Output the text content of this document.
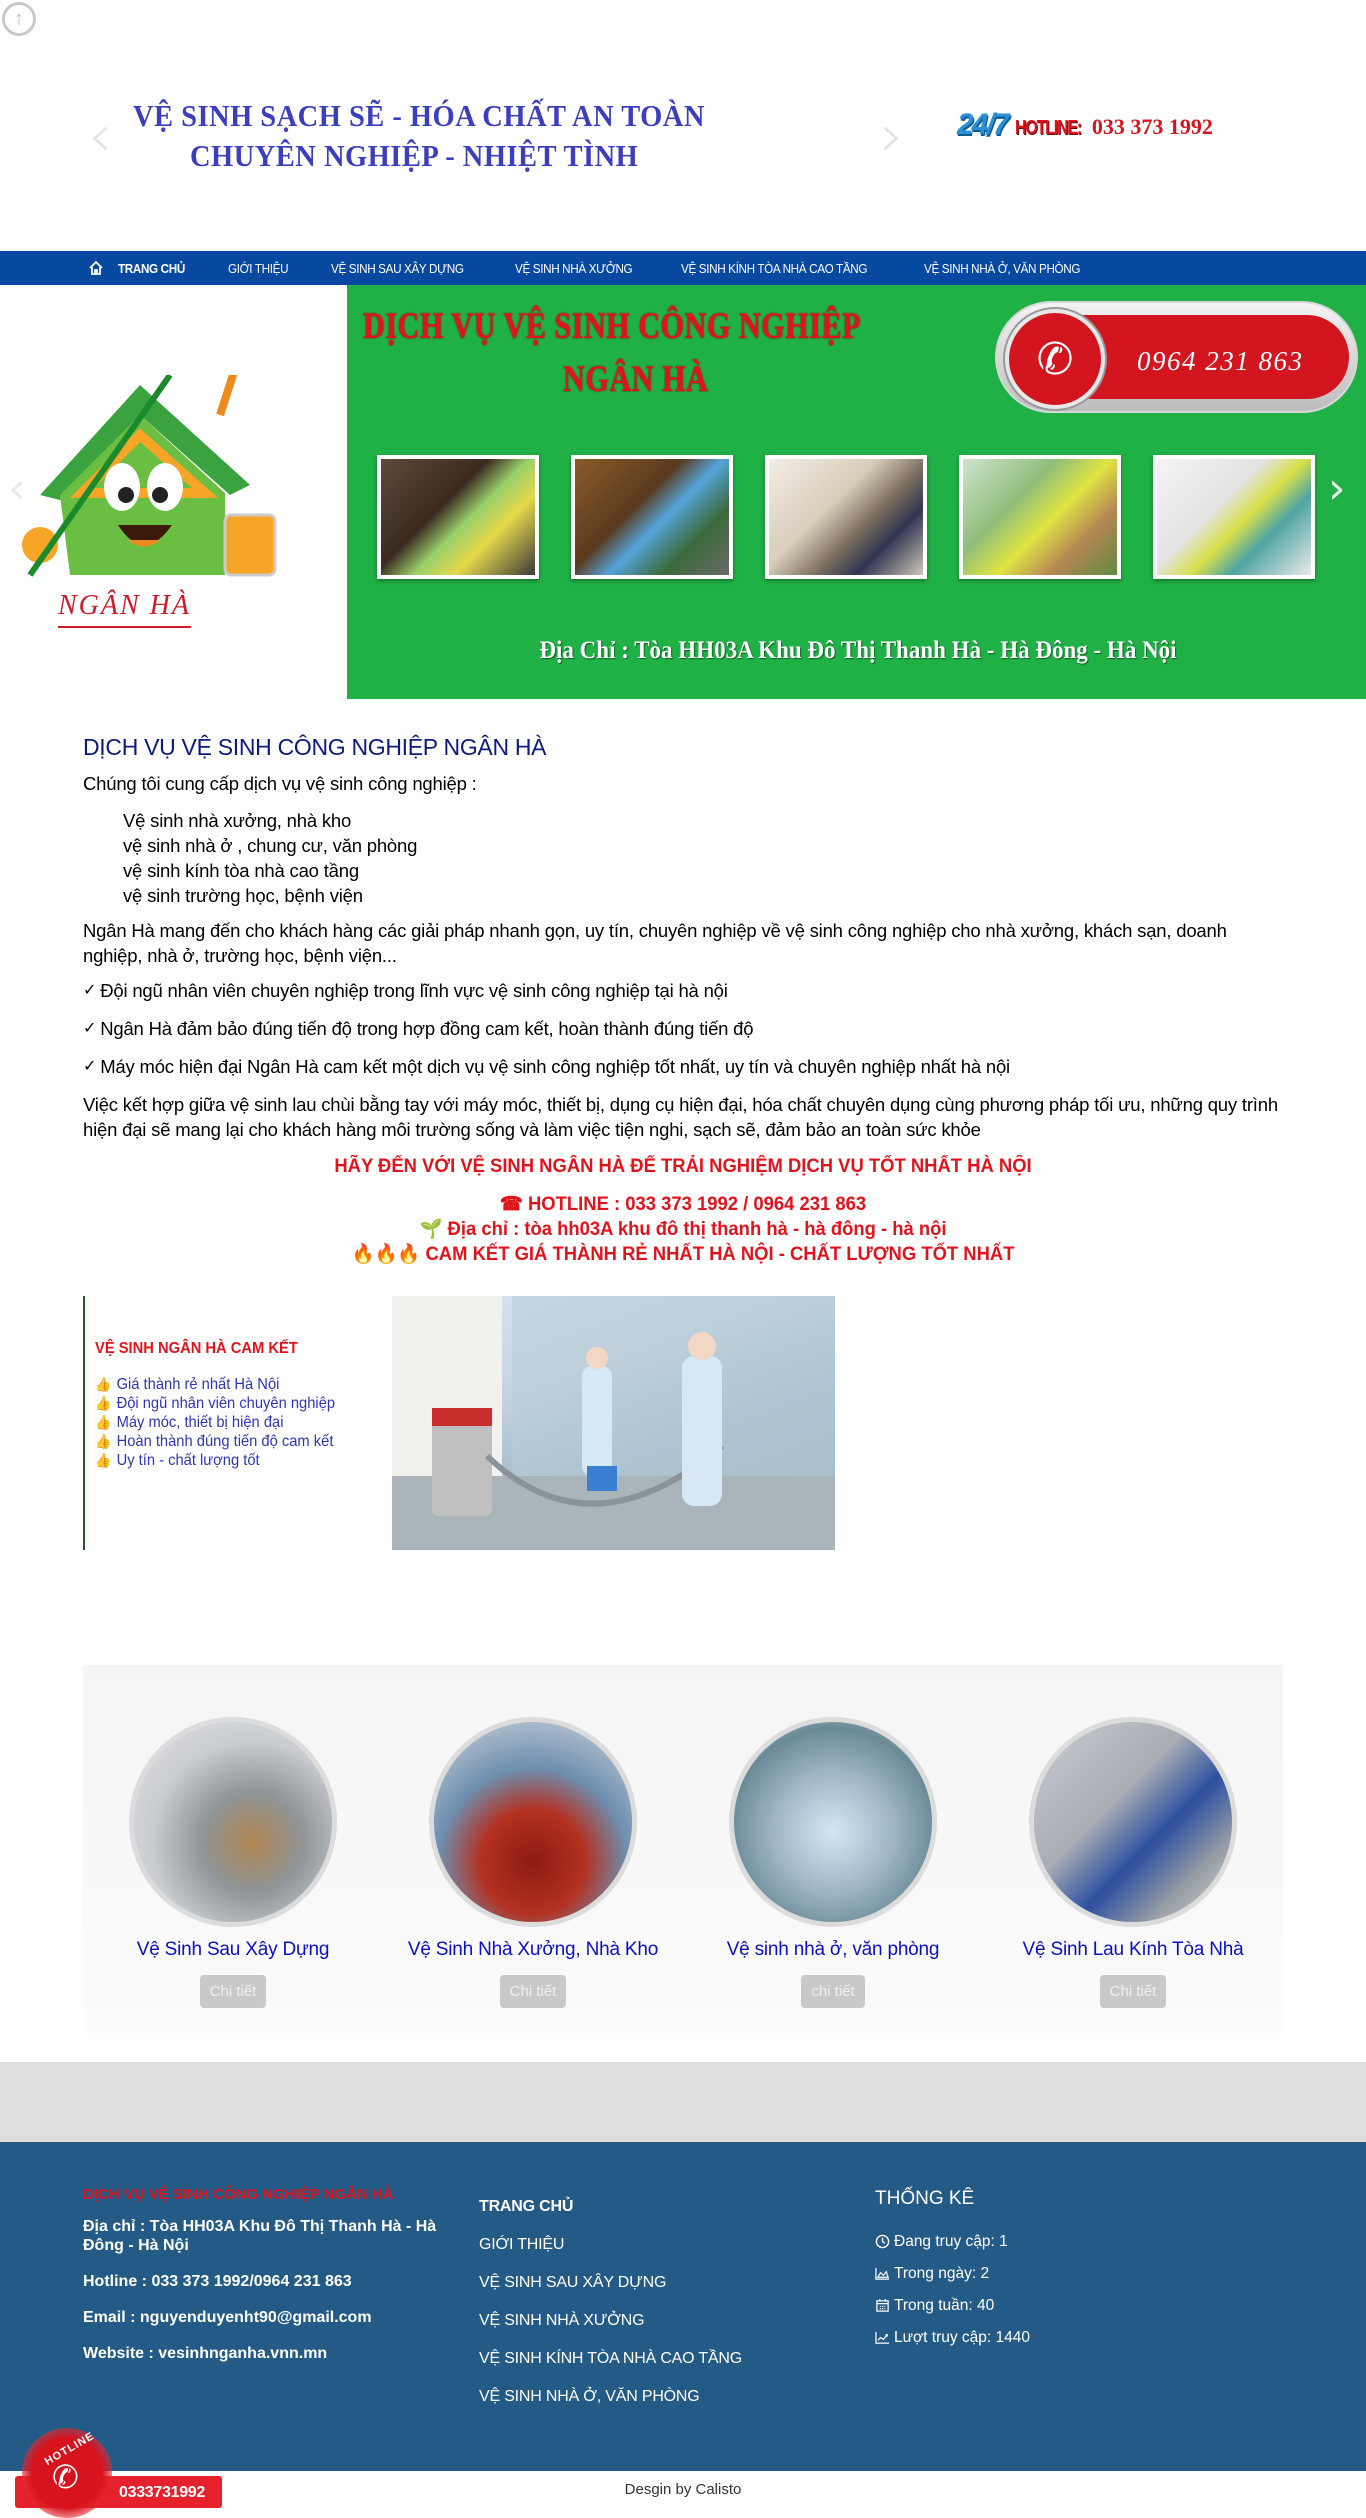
↑
‹ VỆ SINH SẠCH SẼ - HÓA CHẤT AN TOÀN
CHUYÊN NGHIỆP - NHIỆT TÌNH	› 24/7 HOTLINE: 033 373 1992
TRANG CHỦ	GIỚI THIỆU	VỆ SINH SAU XÂY DỰNG	VỆ SINH NHÀ XƯỞNG	VỆ SINH KÍNH TÒA NHÀ CAO TẦNG	VỆ SINH NHÀ Ở, VĂN PHÒNG
NGÂN HÀ
‹
DỊCH VỤ VỆ SINH CÔNG NGHIỆP
NGÂN HÀ	✆	0964 231 863
Địa Chỉ : Tòa HH03A Khu Đô Thị Thanh Hà - Hà Đông - Hà Nội
›
DỊCH VỤ VỆ SINH CÔNG NGHIỆP NGÂN HÀ

Chúng tôi cung cấp dịch vụ vệ sinh công nghiệp :

Vệ sinh nhà xưởng, nhà kho
vệ sinh nhà ở , chung cư, văn phòng
vệ sinh kính tòa nhà cao tầng
vệ sinh trường học, bệnh viện

Ngân Hà mang đến cho khách hàng các giải pháp nhanh gọn, uy tín, chuyên nghiệp về vệ sinh công nghiệp cho nhà xưởng, khách sạn, doanh nghiệp, nhà ở, trường học, bệnh viện...

✓ Đội ngũ nhân viên chuyên nghiệp trong lĩnh vực vệ sinh công nghiệp tại hà nội
✓ Ngân Hà đảm bảo đúng tiến độ trong hợp đồng cam kết, hoàn thành đúng tiến độ
✓ Máy móc hiện đại Ngân Hà cam kết một dịch vụ vệ sinh công nghiệp tốt nhất, uy tín và chuyên nghiệp nhất hà nội

Việc kết hợp giữa vệ sinh lau chùi bằng tay với máy móc, thiết bị, dụng cụ hiện đại, hóa chất chuyên dụng cùng phương pháp tối ưu, những quy trình hiện đại sẽ mang lại cho khách hàng môi trường sống và làm việc tiện nghi, sạch sẽ, đảm bảo an toàn sức khỏe

HÃY ĐẾN VỚI VỆ SINH NGÂN HÀ ĐỂ TRẢI NGHIỆM DỊCH VỤ TỐT NHẤT HÀ NỘI
☎ HOTLINE : 033 373 1992 / 0964 231 863
🌱 Địa chỉ : tòa hh03A khu đô thị thanh hà - hà đông - hà nội
🔥🔥🔥 CAM KẾT GIÁ THÀNH RẺ NHẤT HÀ NỘI - CHẤT LƯỢNG TỐT NHẤT
VỆ SINH NGÂN HÀ CAM KẾT
👍 Giá thành rẻ nhất Hà Nội
👍 Đội ngũ nhân viên chuyên nghiệp
👍 Máy móc, thiết bị hiện đại
👍 Hoàn thành đúng tiến độ cam kết
👍 Uy tín - chất lượng tốt
Vệ Sinh Sau Xây Dựng
Chi tiết
Vệ Sinh Nhà Xưởng, Nhà Kho
Chi tiết
Vệ sinh nhà ở, văn phòng
chi tiết
Vệ Sinh Lau Kính Tòa Nhà
Chi tiết
DỊCH VỤ VỆ SINH CÔNG NGHIỆP NGÂN HÀ
Địa chỉ : Tòa HH03A Khu Đô Thị Thanh Hà - Hà Đông - Hà Nội
Hotline : 033 373 1992/0964 231 863
Email : nguyenduyenht90@gmail.com
Website : vesinhnganha.vnn.mn
TRANG CHỦ
GIỚI THIỆU
VỆ SINH SAU XÂY DỰNG
VỆ SINH NHÀ XƯỞNG
VỆ SINH KÍNH TÒA NHÀ CAO TẦNG
VỆ SINH NHÀ Ở, VĂN PHÒNG
THỐNG KÊ
Đang truy cập: 1
Trong ngày: 2
Trong tuần: 40
Lượt truy cập: 1440
Desgin by Calisto
0333731992
HOTLINE
✆
